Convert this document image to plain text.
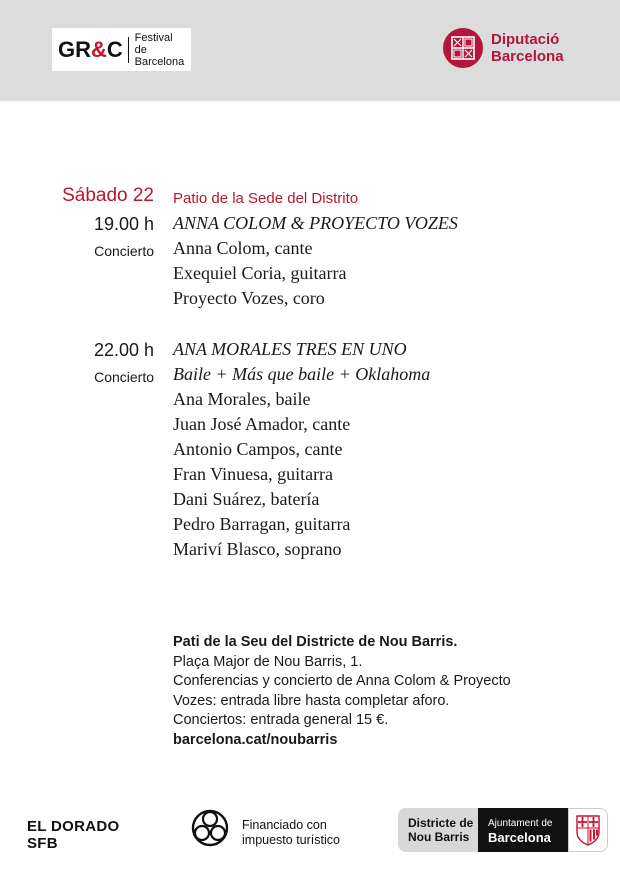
GR&C Festival
de Barcelona
Diputació
Barcelona
Sábado 22 Patio de la Sede del Distrito
19.00 h
Concierto
ANNA COLOM & PROYECTO VOZES
Anna Colom, cante
Exequiel Coria, guitarra
Proyecto Vozes, coro
22.00 h
Concierto
ANA MORALES TRES EN UNO
Baile + Más que baile + Oklahoma
Ana Morales, baile
Juan José Amador, cante
Antonio Campos, cante
Fran Vinuesa, guitarra
Dani Suárez, batería
Pedro Barragan, guitarra
Mariví Blasco, soprano
Pati de la Seu del Districte de Nou Barris.
Plaça Major de Nou Barris, 1.
Conferencias y concierto de Anna Colom & Proyecto
Vozes: entrada libre hasta completar aforo.
Conciertos: entrada general 15 €.
barcelona.cat/noubarris
EL DORADO
SFB
Financiado con
impuesto turístico
Districte de
Nou Barris
Ajuntament de
Barcelona
